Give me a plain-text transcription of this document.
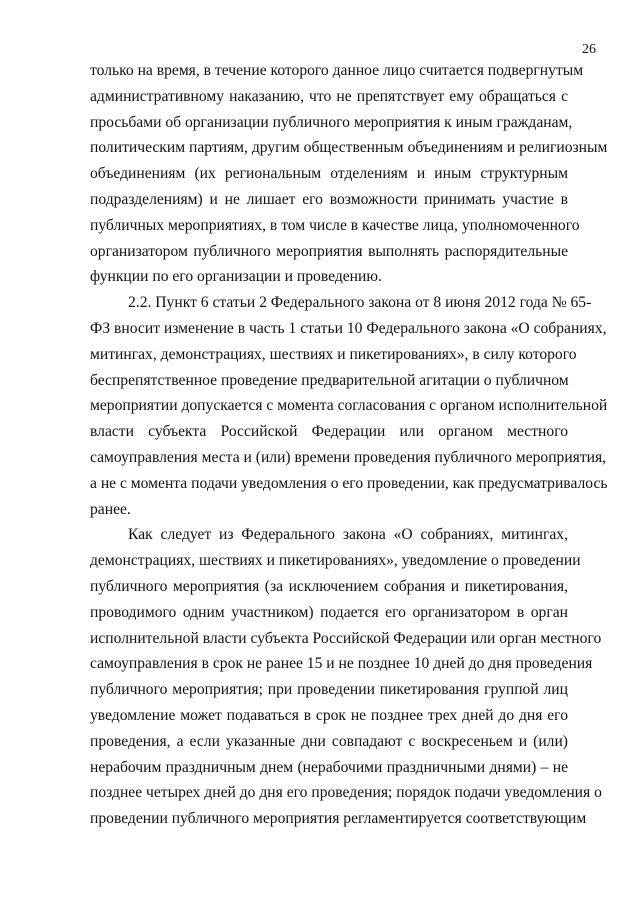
26
только на время, в течение которого данное лицо считается подвергнутым
административному наказанию, что не препятствует ему обращаться с
просьбами об организации публичного мероприятия к иным гражданам,
политическим партиям, другим общественным объединениям и религиозным
объединениям (их региональным отделениям и иным структурным
подразделениям) и не лишает его возможности принимать участие в
публичных мероприятиях, в том числе в качестве лица, уполномоченного
организатором публичного мероприятия выполнять распорядительные
функции по его организации и проведению.
2.2. Пункт 6 статьи 2 Федерального закона от 8 июня 2012 года № 65-
ФЗ вносит изменение в часть 1 статьи 10 Федерального закона «О собраниях,
митингах, демонстрациях, шествиях и пикетированиях», в силу которого
беспрепятственное проведение предварительной агитации о публичном
мероприятии допускается с момента согласования с органом исполнительной
власти субъекта Российской Федерации или органом местного
самоуправления места и (или) времени проведения публичного мероприятия,
а не с момента подачи уведомления о его проведении, как предусматривалось
ранее.
Как следует из Федерального закона «О собраниях, митингах,
демонстрациях, шествиях и пикетированиях», уведомление о проведении
публичного мероприятия (за исключением собрания и пикетирования,
проводимого одним участником) подается его организатором в орган
исполнительной власти субъекта Российской Федерации или орган местного
самоуправления в срок не ранее 15 и не позднее 10 дней до дня проведения
публичного мероприятия; при проведении пикетирования группой лиц
уведомление может подаваться в срок не позднее трех дней до дня его
проведения, а если указанные дни совпадают с воскресеньем и (или)
нерабочим праздничным днем (нерабочими праздничными днями) – не
позднее четырех дней до дня его проведения; порядок подачи уведомления о
проведении публичного мероприятия регламентируется соответствующим
